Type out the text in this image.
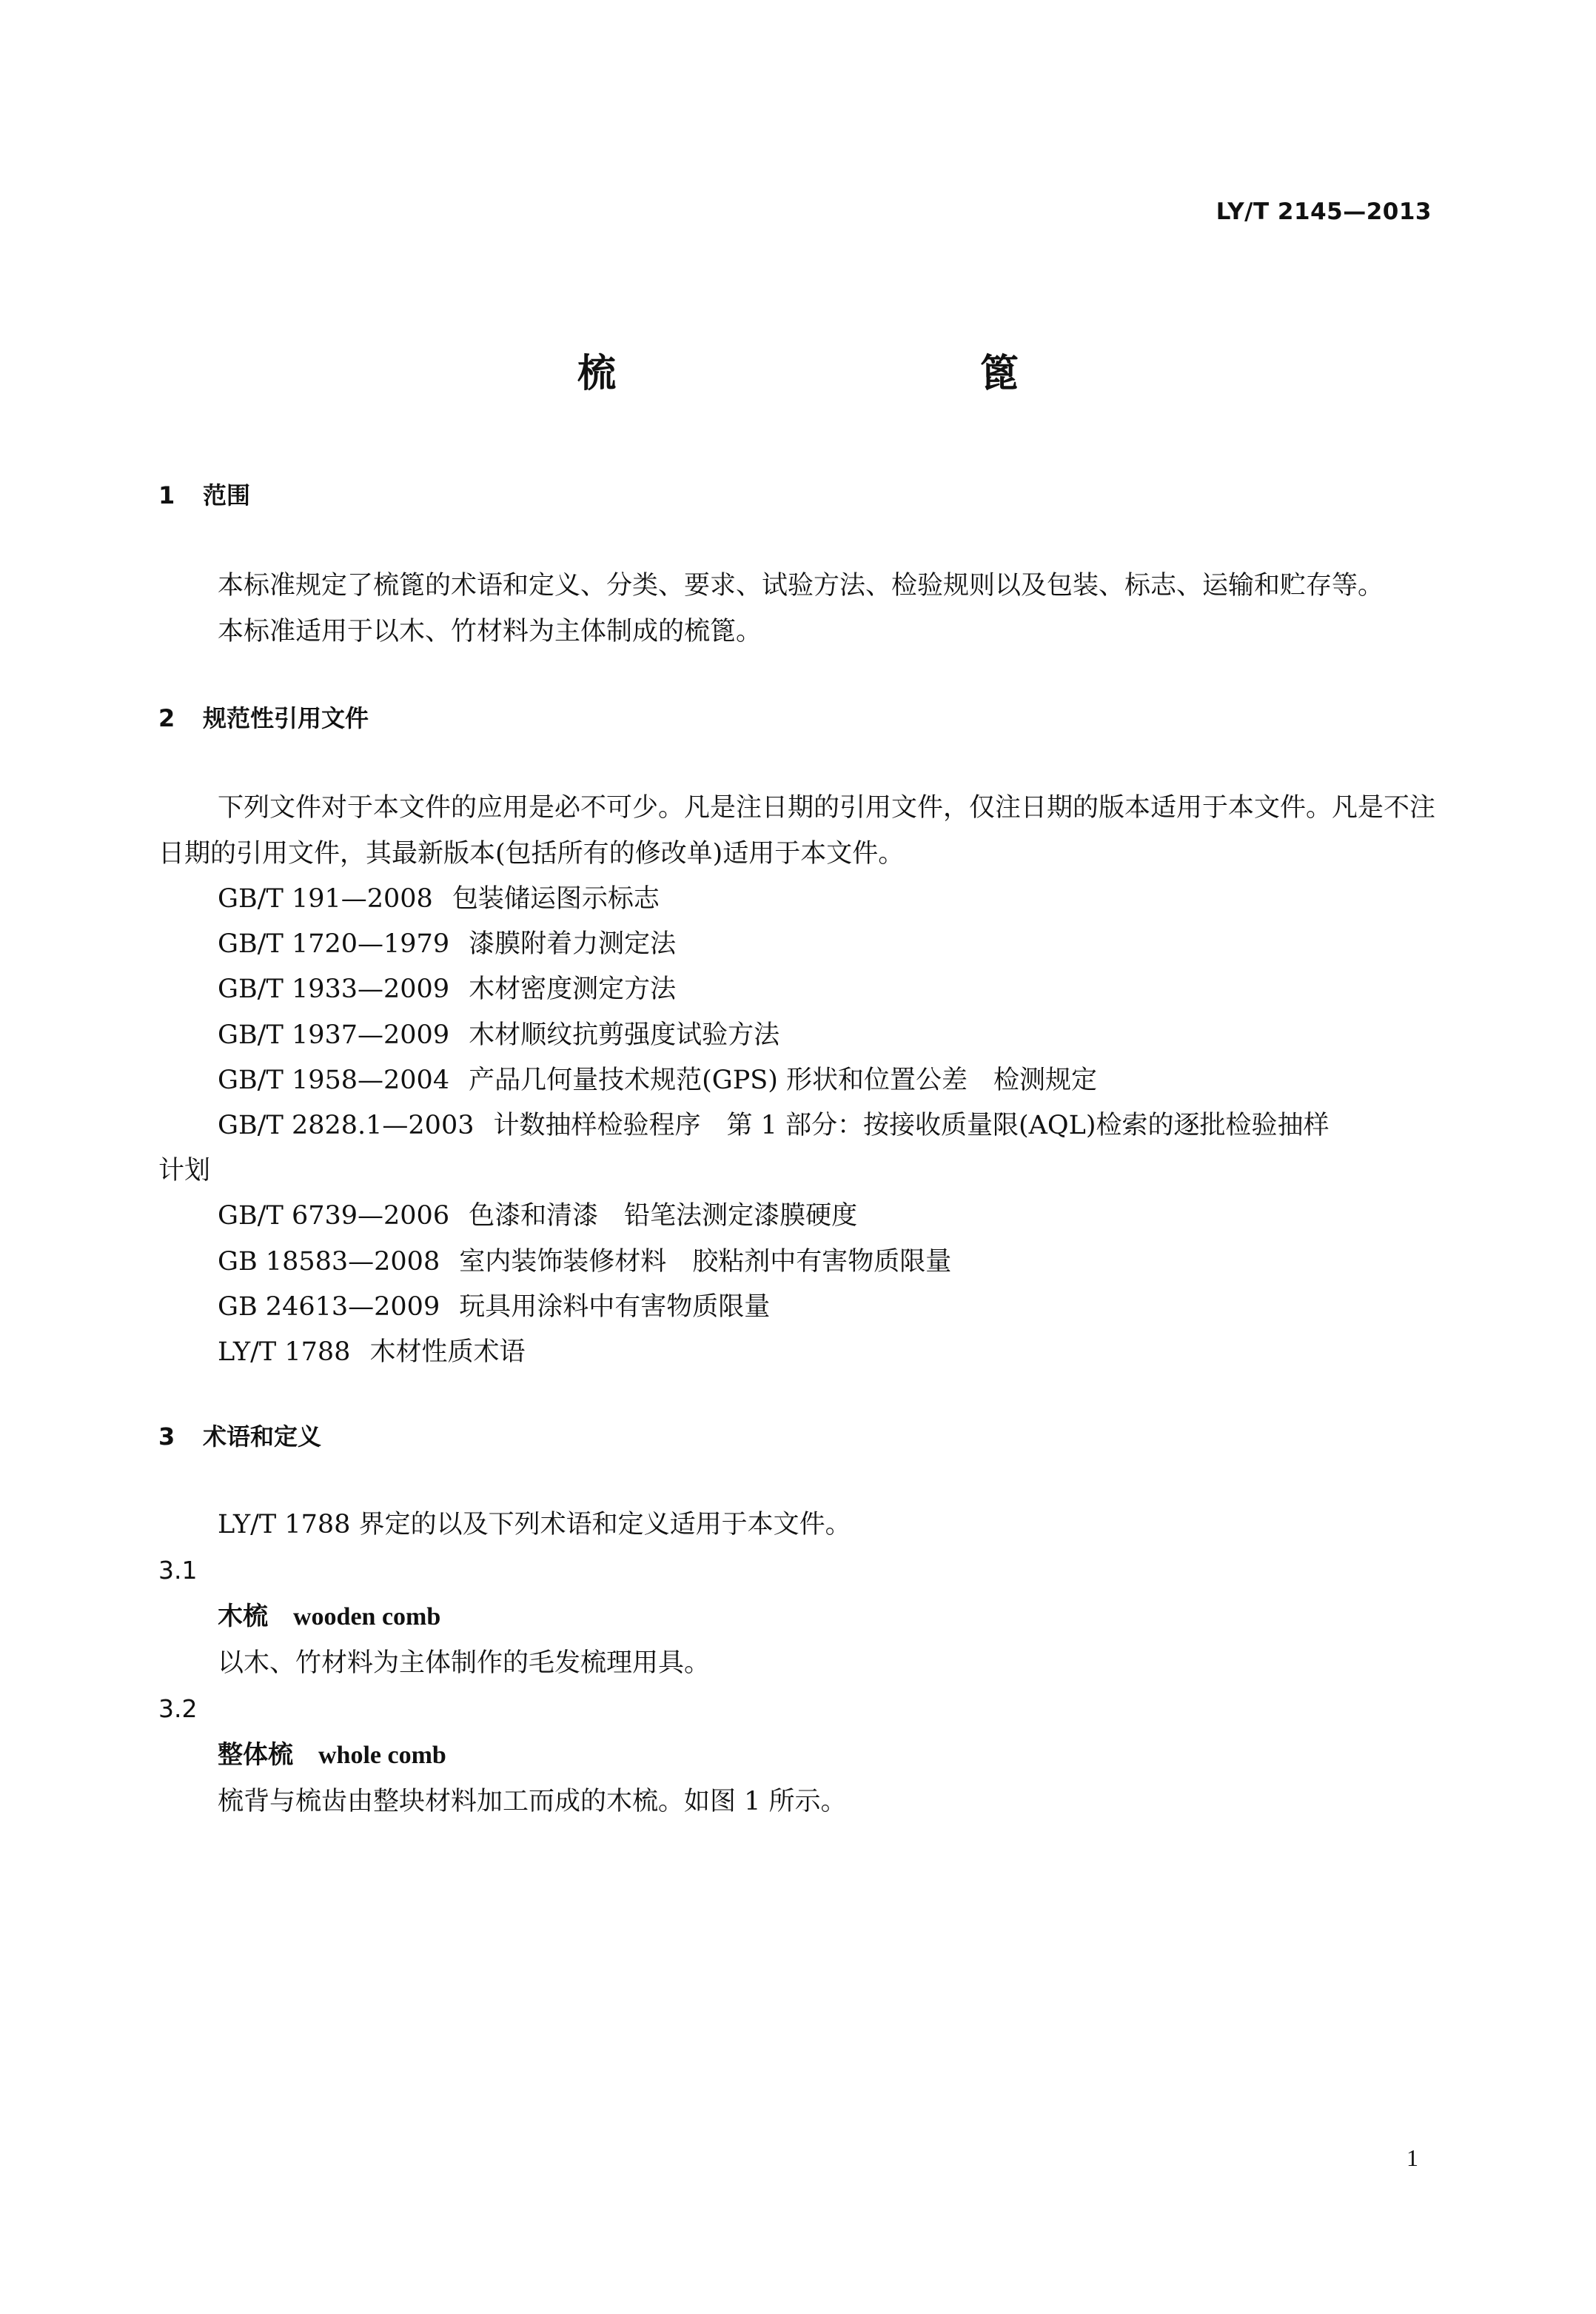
LY/T 2145—2013
梳　篦
1 范围
本标准规定了梳篦的术语和定义、分类、要求、试验方法、检验规则以及包装、标志、运输和贮存等。
本标准适用于以木、竹材料为主体制成的梳篦。
2 规范性引用文件
下列文件对于本文件的应用是必不可少。凡是注日期的引用文件，仅注日期的版本适用于本文件。凡是不注日期的引用文件，其最新版本(包括所有的修改单)适用于本文件。
GB/T 191—2008 包装储运图示标志
GB/T 1720—1979 漆膜附着力测定法
GB/T 1933—2009 木材密度测定方法
GB/T 1937—2009 木材顺纹抗剪强度试验方法
GB/T 1958—2004 产品几何量技术规范(GPS) 形状和位置公差　检测规定
GB/T 2828.1—2003 计数抽样检验程序　第 1 部分：按接收质量限(AQL)检索的逐批检验抽样
计划
GB/T 6739—2006 色漆和清漆　铅笔法测定漆膜硬度
GB 18583—2008 室内装饰装修材料　胶粘剂中有害物质限量
GB 24613—2009 玩具用涂料中有害物质限量
LY/T 1788 木材性质术语
3 术语和定义
LY/T 1788 界定的以及下列术语和定义适用于本文件。
3.1
木梳 wooden comb
以木、竹材料为主体制作的毛发梳理用具。
3.2
整体梳 whole comb
梳背与梳齿由整块材料加工而成的木梳。如图 1 所示。
1
